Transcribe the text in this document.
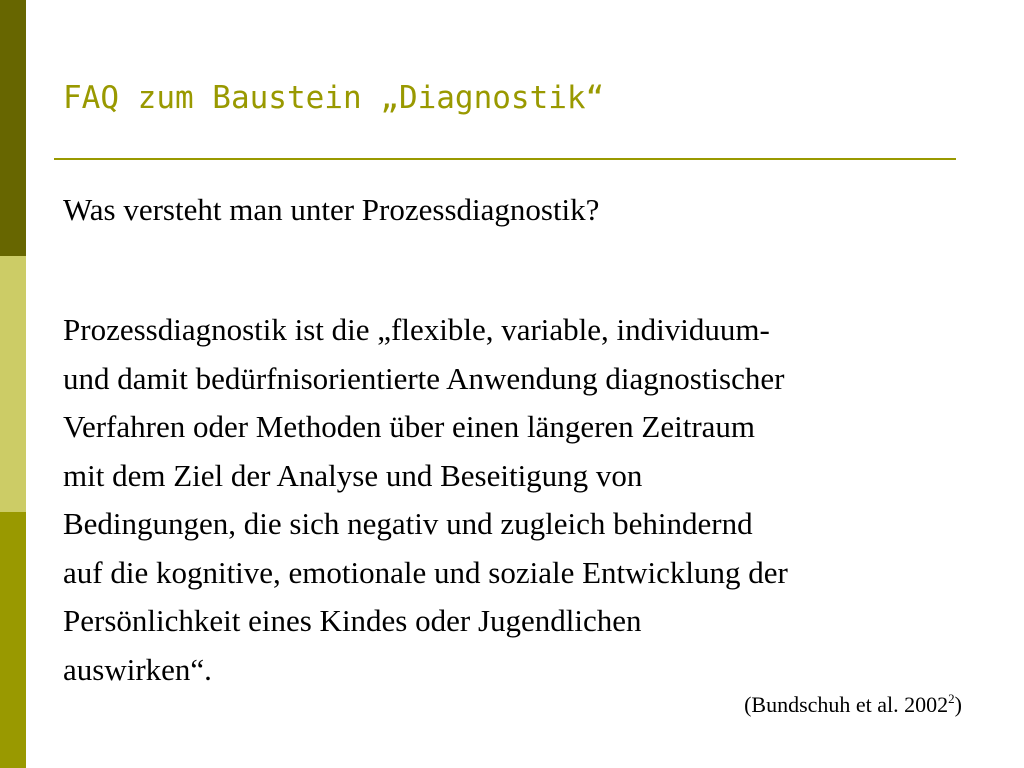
FAQ zum Baustein „Diagnostik“
Was versteht man unter Prozessdiagnostik?
Prozessdiagnostik ist die „flexible, variable, individuum-
und damit bedürfnisorientierte Anwendung diagnostischer
Verfahren oder Methoden über einen längeren Zeitraum
mit dem Ziel der Analyse und Beseitigung von
Bedingungen, die sich negativ und zugleich behindernd
auf die kognitive, emotionale und soziale Entwicklung der
Persönlichkeit eines Kindes oder Jugendlichen
auswirken“.
(Bundschuh et al. 2002$^2$)
